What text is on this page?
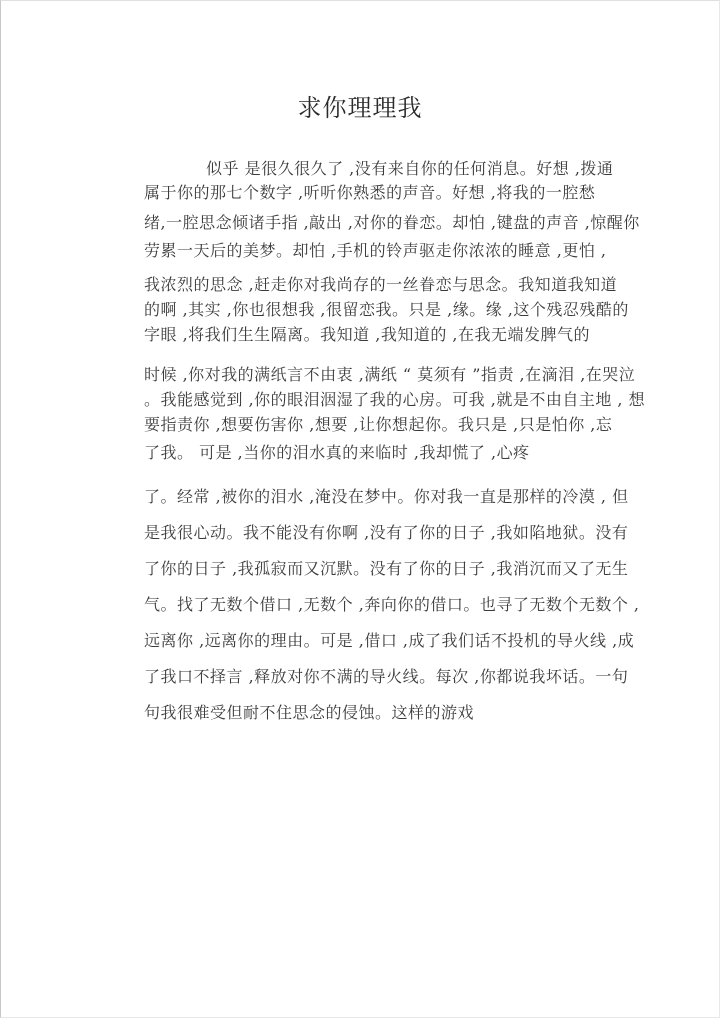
求你理理我
似乎 是很久很久了 ,没有来自你的任何消息。好想 ,拨通
属于你的那七个数字 ,听听你熟悉的声音。好想 ,将我的一腔愁
绪,一腔思念倾诸手指 ,敲出 ,对你的眷恋。却怕 ,键盘的声音 ,惊醒你
劳累一天后的美梦。却怕 ,手机的铃声驱走你浓浓的睡意 ,更怕 ,
我浓烈的思念 ,赶走你对我尚存的一丝眷恋与思念。我知道我知道
的啊 ,其实 ,你也很想我 ,很留恋我。只是 ,缘。缘 ,这个残忍残酷的
字眼 ,将我们生生隔离。我知道 ,我知道的 ,在我无端发脾气的
时候 ,你对我的满纸言不由衷 ,满纸 “ 莫须有 ”指责 ,在滴泪 ,在哭泣
。我能感觉到 ,你的眼泪洇湿了我的心房。可我 ,就是不由自主地 , 想
要指责你 ,想要伤害你 ,想要 ,让你想起你。我只是 ,只是怕你 ,忘
了我。 可是 ,当你的泪水真的来临时 ,我却慌了 ,心疼
了。经常 ,被你的泪水 ,淹没在梦中。你对我一直是那样的冷漠 , 但
是我很心动。我不能没有你啊 ,没有了你的日子 ,我如陷地狱。没有
了你的日子 ,我孤寂而又沉默。没有了你的日子 ,我消沉而又了无生
气。找了无数个借口 ,无数个 ,奔向你的借口。也寻了无数个无数个 ,
远离你 ,远离你的理由。可是 ,借口 ,成了我们话不投机的导火线 ,成
了我口不择言 ,释放对你不满的导火线。每次 ,你都说我坏话。一句
句我很难受但耐不住思念的侵蚀。这样的游戏
